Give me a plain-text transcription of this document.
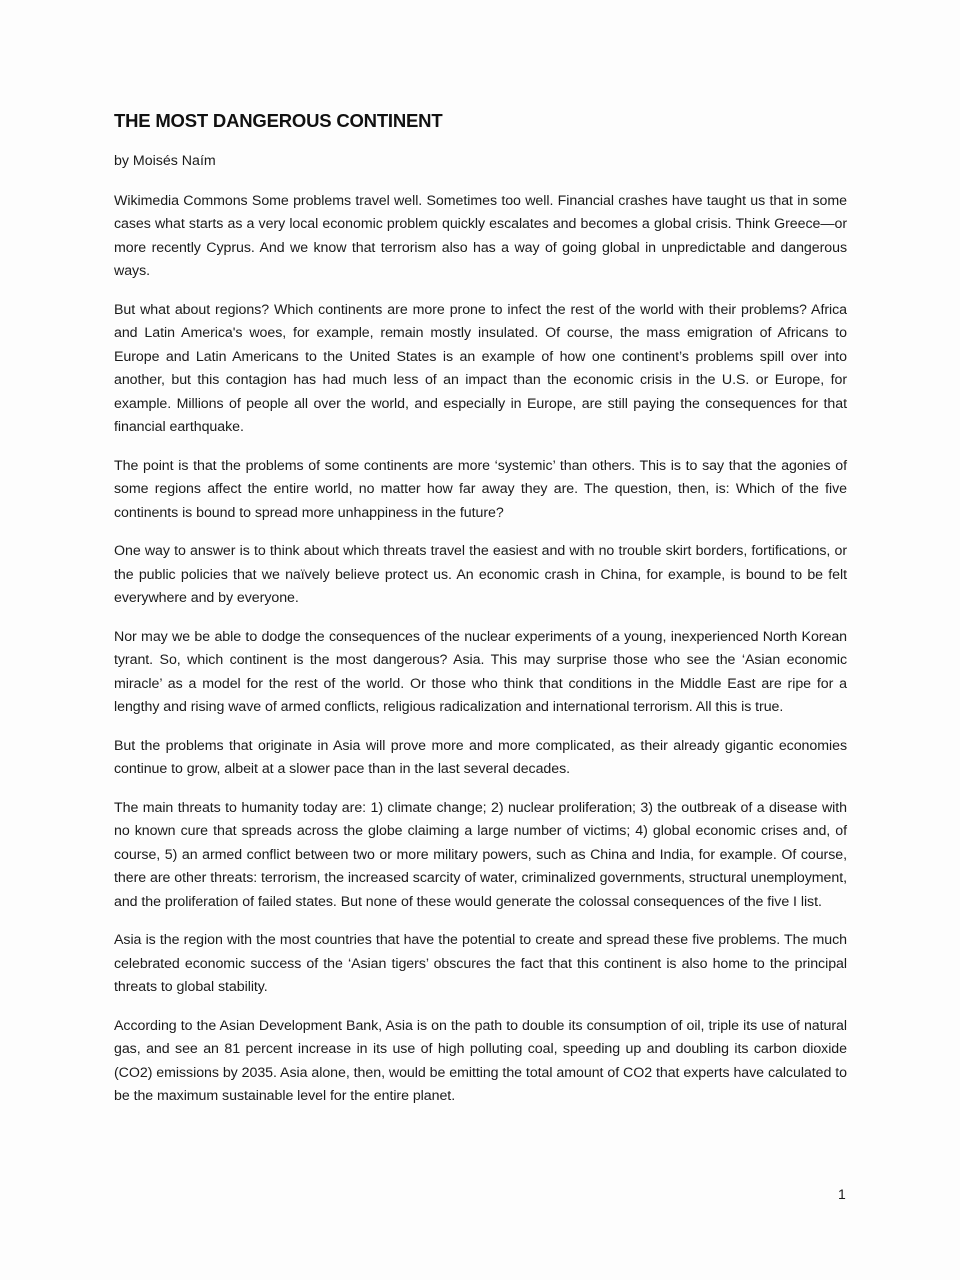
THE MOST DANGEROUS CONTINENT

by Moisés Naím

Wikimedia Commons Some problems travel well. Sometimes too well. Financial crashes have taught us that in some cases what starts as a very local economic problem quickly escalates and becomes a global crisis. Think Greece—or more recently Cyprus. And we know that terrorism also has a way of going global in unpredictable and dangerous ways.

But what about regions? Which continents are more prone to infect the rest of the world with their problems? Africa and Latin America's woes, for example, remain mostly insulated. Of course, the mass emigration of Africans to Europe and Latin Americans to the United States is an example of how one continent’s problems spill over into another, but this contagion has had much less of an impact than the economic crisis in the U.S. or Europe, for example. Millions of people all over the world, and especially in Europe, are still paying the consequences for that financial earthquake.

The point is that the problems of some continents are more ‘systemic’ than others. This is to say that the agonies of some regions affect the entire world, no matter how far away they are. The question, then, is: Which of the five continents is bound to spread more unhappiness in the future?

One way to answer is to think about which threats travel the easiest and with no trouble skirt borders, fortifications, or the public policies that we naïvely believe protect us. An economic crash in China, for example, is bound to be felt everywhere and by everyone.

Nor may we be able to dodge the consequences of the nuclear experiments of a young, inexperienced North Korean tyrant. So, which continent is the most dangerous? Asia. This may surprise those who see the ‘Asian economic miracle’ as a model for the rest of the world. Or those who think that conditions in the Middle East are ripe for a lengthy and rising wave of armed conflicts, religious radicalization and international terrorism. All this is true.

But the problems that originate in Asia will prove more and more complicated, as their already gigantic economies continue to grow, albeit at a slower pace than in the last several decades.

The main threats to humanity today are: 1) climate change; 2) nuclear proliferation; 3) the outbreak of a disease with no known cure that spreads across the globe claiming a large number of victims; 4) global economic crises and, of course, 5) an armed conflict between two or more military powers, such as China and India, for example. Of course, there are other threats: terrorism, the increased scarcity of water, criminalized governments, structural unemployment, and the proliferation of failed states. But none of these would generate the colossal consequences of the five I list.

Asia is the region with the most countries that have the potential to create and spread these five problems. The much celebrated economic success of the ‘Asian tigers’ obscures the fact that this continent is also home to the principal threats to global stability.

According to the Asian Development Bank, Asia is on the path to double its consumption of oil, triple its use of natural gas, and see an 81 percent increase in its use of high polluting coal, speeding up and doubling its carbon dioxide (CO2) emissions by 2035. Asia alone, then, would be emitting the total amount of CO2 that experts have calculated to be the maximum sustainable level for the entire planet.

1
